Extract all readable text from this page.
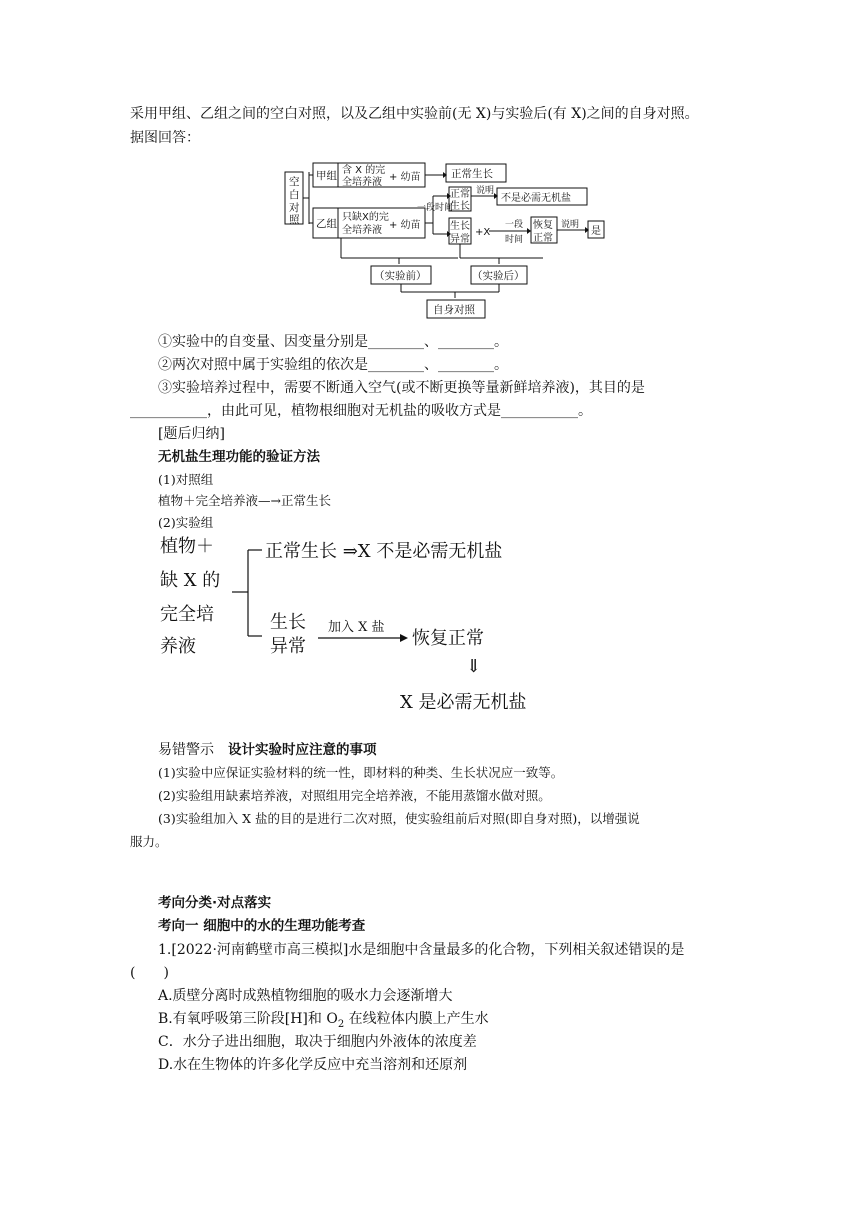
采用甲组、乙组之间的空白对照，以及乙组中实验前(无 X)与实验后(有 X)之间的自身对照。
据图回答：
空
白
对
照
甲组 含 X 的完
全培养液 + 幼苗
乙组
只缺X的完
全培养液 + 幼苗
正常生长
一段时间
正常
生长
说明
不是必需无机盐
生长
异常
+X
一段
时间
恢复
正常
说明
是
（实验前）	（实验后）
自身对照
①实验中的自变量、因变量分别是________、________。
②两次对照中属于实验组的依次是________、________。
③实验培养过程中，需要不断通入空气(或不断更换等量新鲜培养液)，其目的是
___________，由此可见，植物根细胞对无机盐的吸收方式是___________。
[题后归纳]
无机盐生理功能的验证方法
(1)对照组
植物＋完全培养液—→正常生长
(2)实验组
植物＋
缺 X 的
完全培
养液
正常生长 ⇒X 不是必需无机盐
生长
异常
加入 X 盐
恢复正常
⇓
X 是必需无机盐
易错警示 设计实验时应注意的事项
(1)实验中应保证实验材料的统一性，即材料的种类、生长状况应一致等。
(2)实验组用缺素培养液，对照组用完全培养液，不能用蒸馏水做对照。
(3)实验组加入 X 盐的目的是进行二次对照，使实验组前后对照(即自身对照)，以增强说
服力。
考向分类·对点落实
考向一 细胞中的水的生理功能考查
1.[2022·河南鹤壁市高三模拟]水是细胞中含量最多的化合物，下列相关叙述错误的是
(　　)
A.质壁分离时成熟植物细胞的吸水力会逐渐增大
B.有氧呼吸第三阶段[H]和 $O_2$ 在线粒体内膜上产生水
C．水分子进出细胞，取决于细胞内外液体的浓度差
D.水在生物体的许多化学反应中充当溶剂和还原剂
